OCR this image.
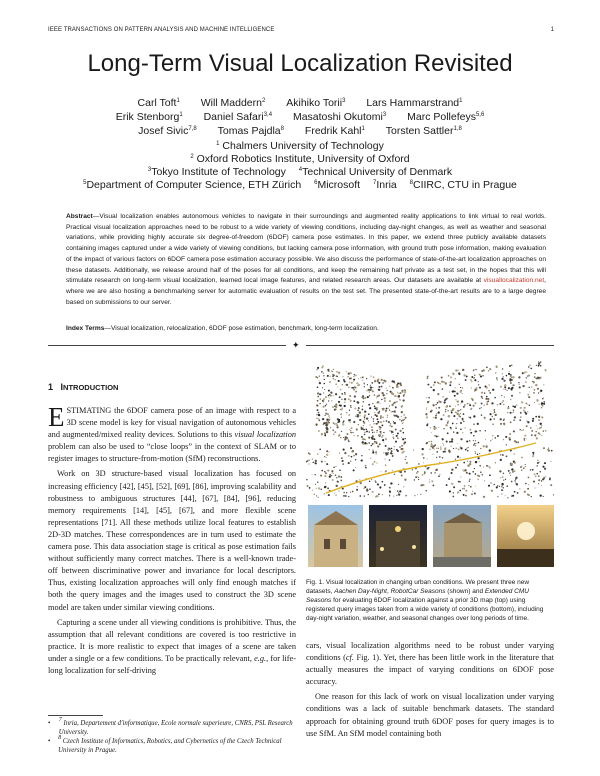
IEEE TRANSACTIONS ON PATTERN ANALYSIS AND MACHINE INTELLIGENCE	1
Long-Term Visual Localization Revisited
Carl Toft$^1$ Will Maddern$^2$ Akihiko Torii$^3$ Lars Hammarstrand$^1$
Erik Stenborg$^1$ Daniel Safari$^{3,4}$ Masatoshi Okutomi$^3$ Marc Pollefeys$^{5,6}$
Josef Sivic$^{7,8}$ Tomas Pajdla$^8$ Fredrik Kahl$^1$ Torsten Sattler$^{1,8}$
$^1$ Chalmers University of Technology
$^2$ Oxford Robotics Institute, University of Oxford
$^3$Tokyo Institute of Technology $^4$Technical University of Denmark
$^5$Department of Computer Science, ETH Zürich $^6$Microsoft $^7$Inria $^8$CIIRC, CTU in Prague
Abstract—Visual localization enables autonomous vehicles to navigate in their surroundings and augmented reality applications to link virtual to real worlds. Practical visual localization approaches need to be robust to a wide variety of viewing conditions, including day-night changes, as well as weather and seasonal variations, while providing highly accurate six degree-of-freedom (6DOF) camera pose estimates. In this paper, we extend three publicly available datasets containing images captured under a wide variety of viewing conditions, but lacking camera pose information, with ground truth pose information, making evaluation of the impact of various factors on 6DOF camera pose estimation accuracy possible. We also discuss the performance of state-of-the-art localization approaches on these datasets. Additionally, we release around half of the poses for all conditions, and keep the remaining half private as a test set, in the hopes that this will stimulate research on long-term visual localization, learned local image features, and related research areas. Our datasets are available at visuallocalization.net, where we are also hosting a benchmarking server for automatic evaluation of results on the test set. The presented state-of-the-art results are to a large degree based on submissions to our server.
Index Terms—Visual localization, relocalization, 6DOF pose estimation, benchmark, long-term localization.
✦
1 INTRODUCTION

ESTIMATING the 6DOF camera pose of an image with respect to a 3D scene model is key for visual navigation of autonomous vehicles and augmented/mixed reality devices. Solutions to this visual localization problem can also be used to “close loops” in the context of SLAM or to register images to structure-from-motion (SfM) reconstructions.

Work on 3D structure-based visual localization has focused on increasing efficiency [42], [45], [52], [69], [86], improving scalability and robustness to ambiguous structures [44], [67], [84], [96], reducing memory requirements [14], [45], [67], and more flexible scene representations [71]. All these methods utilize local features to establish 2D-3D matches. These correspondences are in turn used to estimate the camera pose. This data association stage is critical as pose estimation fails without sufficiently many correct matches. There is a well-known trade-off between discriminative power and invariance for local descriptors. Thus, existing localization approaches will only find enough matches if both the query images and the images used to construct the 3D scene model are taken under similar viewing conditions.

Capturing a scene under all viewing conditions is prohibitive. Thus, the assumption that all relevant conditions are covered is too restrictive in practice. It is more realistic to expect that images of a scene are taken under a single or a few conditions. To be practically relevant, e.g., for life-long localization for self-driving

•	$^7$ Inria, Departement d'informatique, Ecole normale superieure, CNRS, PSL Research University.
•	$^8$ Czech Institute of Informatics, Robotics, and Cybernetics of the Czech Technical University in Prague.
Fig. 1. Visual localization in changing urban conditions. We present three new datasets, Aachen Day-Night, RobotCar Seasons (shown) and Extended CMU Seasons for evaluating 6DOF localization against a prior 3D map (top) using registered query images taken from a wide variety of conditions (bottom), including day-night variation, weather, and seasonal changes over long periods of time.

cars, visual localization algorithms need to be robust under varying conditions (cf. Fig. 1). Yet, there has been little work in the literature that actually measures the impact of varying conditions on 6DOF pose accuracy.

One reason for this lack of work on visual localization under varying conditions was a lack of suitable benchmark datasets. The standard approach for obtaining ground truth 6DOF poses for query images is to use SfM. An SfM model containing both
